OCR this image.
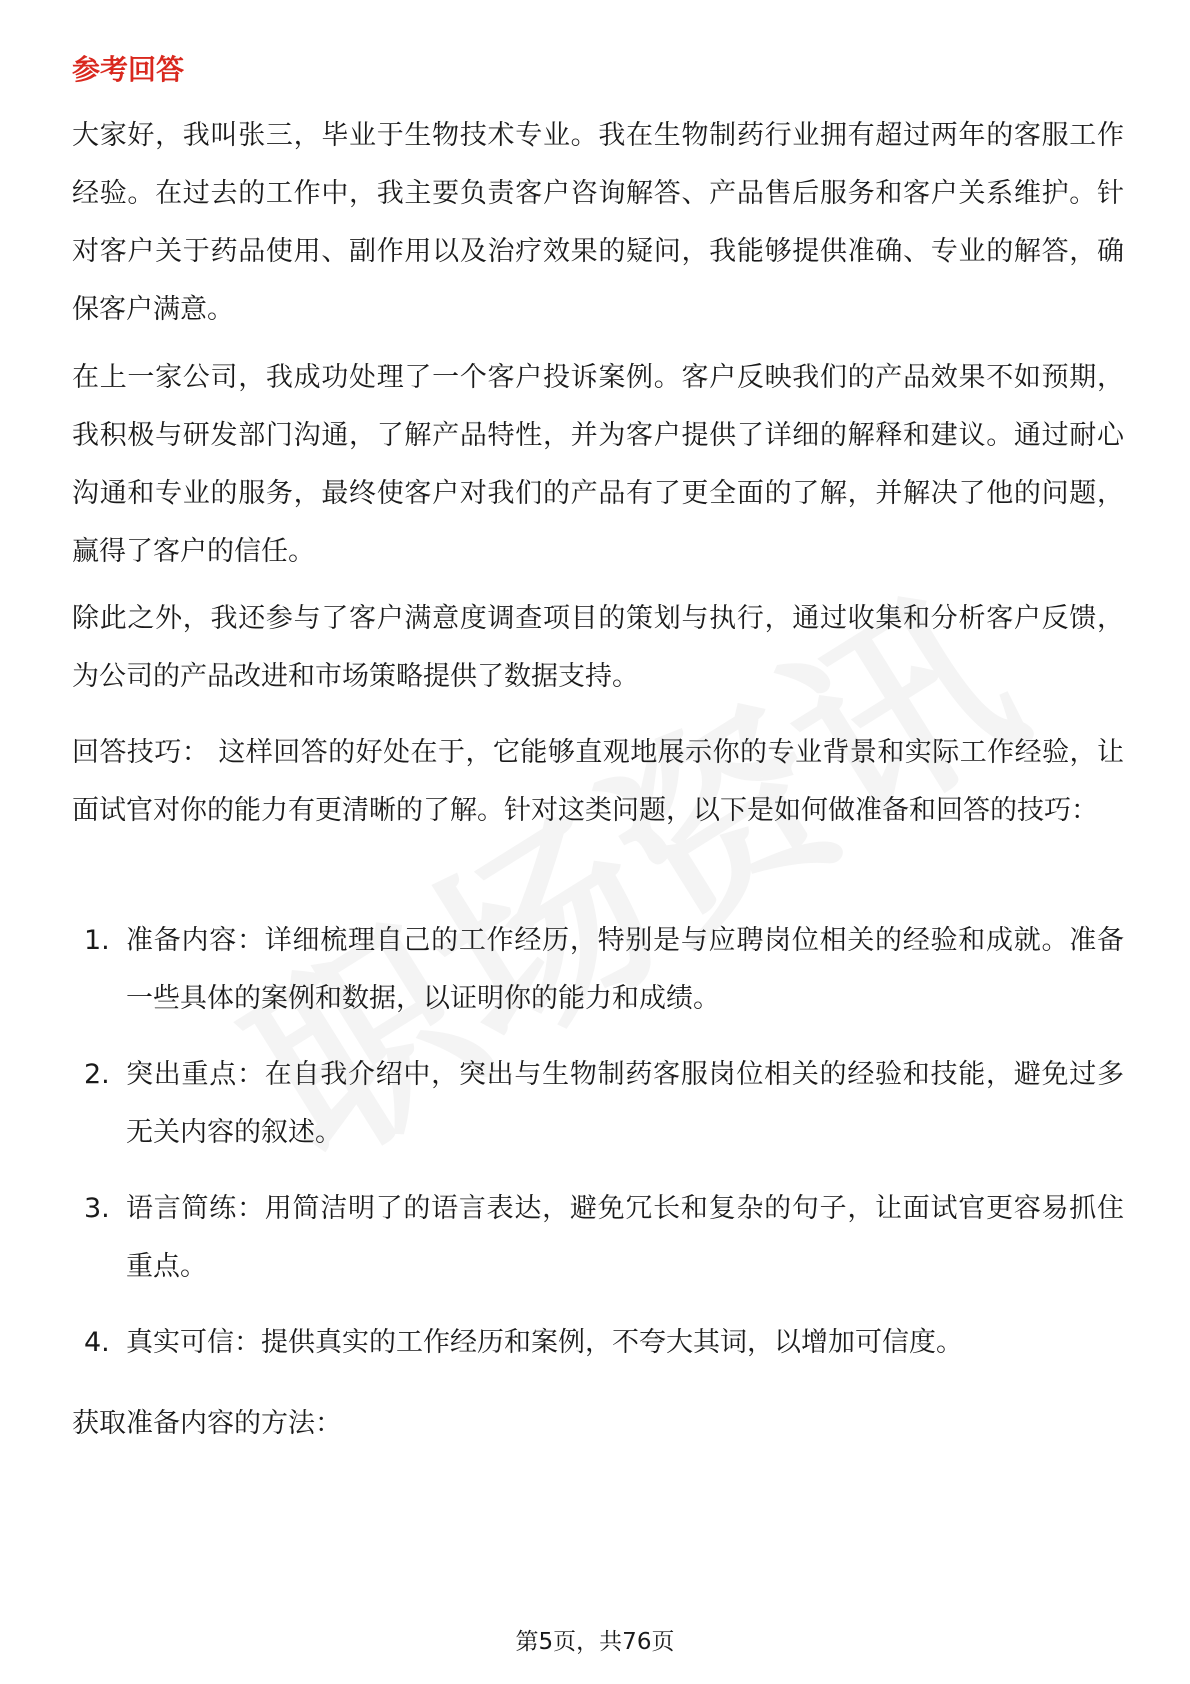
参考回答

大家好，我叫张三，毕业于生物技术专业。我在生物制药行业拥有超过两年的客服工作经验。在过去的工作中，我主要负责客户咨询解答、产品售后服务和客户关系维护。针对客户关于药品使用、副作用以及治疗效果的疑问，我能够提供准确、专业的解答，确保客户满意。

在上一家公司，我成功处理了一个客户投诉案例。客户反映我们的产品效果不如预期，我积极与研发部门沟通，了解产品特性，并为客户提供了详细的解释和建议。通过耐心沟通和专业的服务，最终使客户对我们的产品有了更全面的了解，并解决了他的问题，赢得了客户的信任。

除此之外，我还参与了客户满意度调查项目的策划与执行，通过收集和分析客户反馈，为公司的产品改进和市场策略提供了数据支持。

回答技巧： 这样回答的好处在于，它能够直观地展示你的专业背景和实际工作经验，让面试官对你的能力有更清晰的了解。针对这类问题，以下是如何做准备和回答的技巧：

1. 准备内容：详细梳理自己的工作经历，特别是与应聘岗位相关的经验和成就。准备一些具体的案例和数据，以证明你的能力和成绩。
2. 突出重点：在自我介绍中，突出与生物制药客服岗位相关的经验和技能，避免过多无关内容的叙述。
3. 语言简练：用简洁明了的语言表达，避免冗长和复杂的句子，让面试官更容易抓住重点。
4. 真实可信：提供真实的工作经历和案例，不夸大其词，以增加可信度。

获取准备内容的方法：

第5页，共76页
